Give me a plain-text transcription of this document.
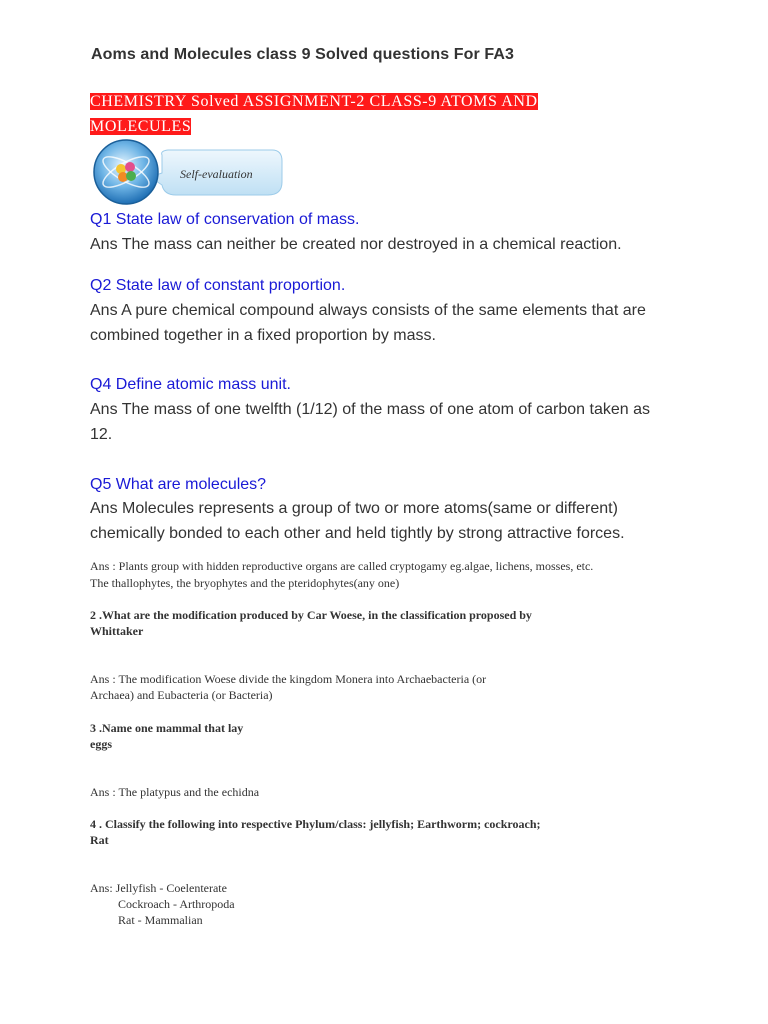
Aoms and Molecules class 9 Solved questions For FA3
CHEMISTRY Solved ASSIGNMENT-2 CLASS-9 ATOMS AND MOLECULES
Self-evaluation
Q1 State law of conservation of mass.
Ans The mass can neither be created nor destroyed in a chemical reaction.
Q2 State law of constant proportion.
Ans A pure chemical compound always consists of the same elements that are combined together in a fixed proportion by mass.
Q4 Define atomic mass unit.
Ans The mass of one twelfth (1/12) of the mass of one atom of carbon taken as 12.
Q5 What are molecules?
Ans Molecules represents a group of two or more atoms(same or different) chemically bonded to each other and held tightly by strong attractive forces.
Ans : Plants group with hidden reproductive organs are called cryptogamy eg.algae, lichens, mosses, etc.
The thallophytes, the bryophytes and the pteridophytes(any one)
2 .What are the modification produced by Car Woese, in the classification proposed by
Whittaker
Ans : The modification Woese divide the kingdom Monera into Archaebacteria (or
Archaea) and Eubacteria (or Bacteria)
3 .Name one mammal that lay
eggs
Ans : The platypus and the echidna
4 . Classify the following into respective Phylum/class: jellyfish; Earthworm; cockroach;
Rat
Ans: Jellyfish - Coelenterate
Cockroach - Arthropoda
Rat - Mammalian
